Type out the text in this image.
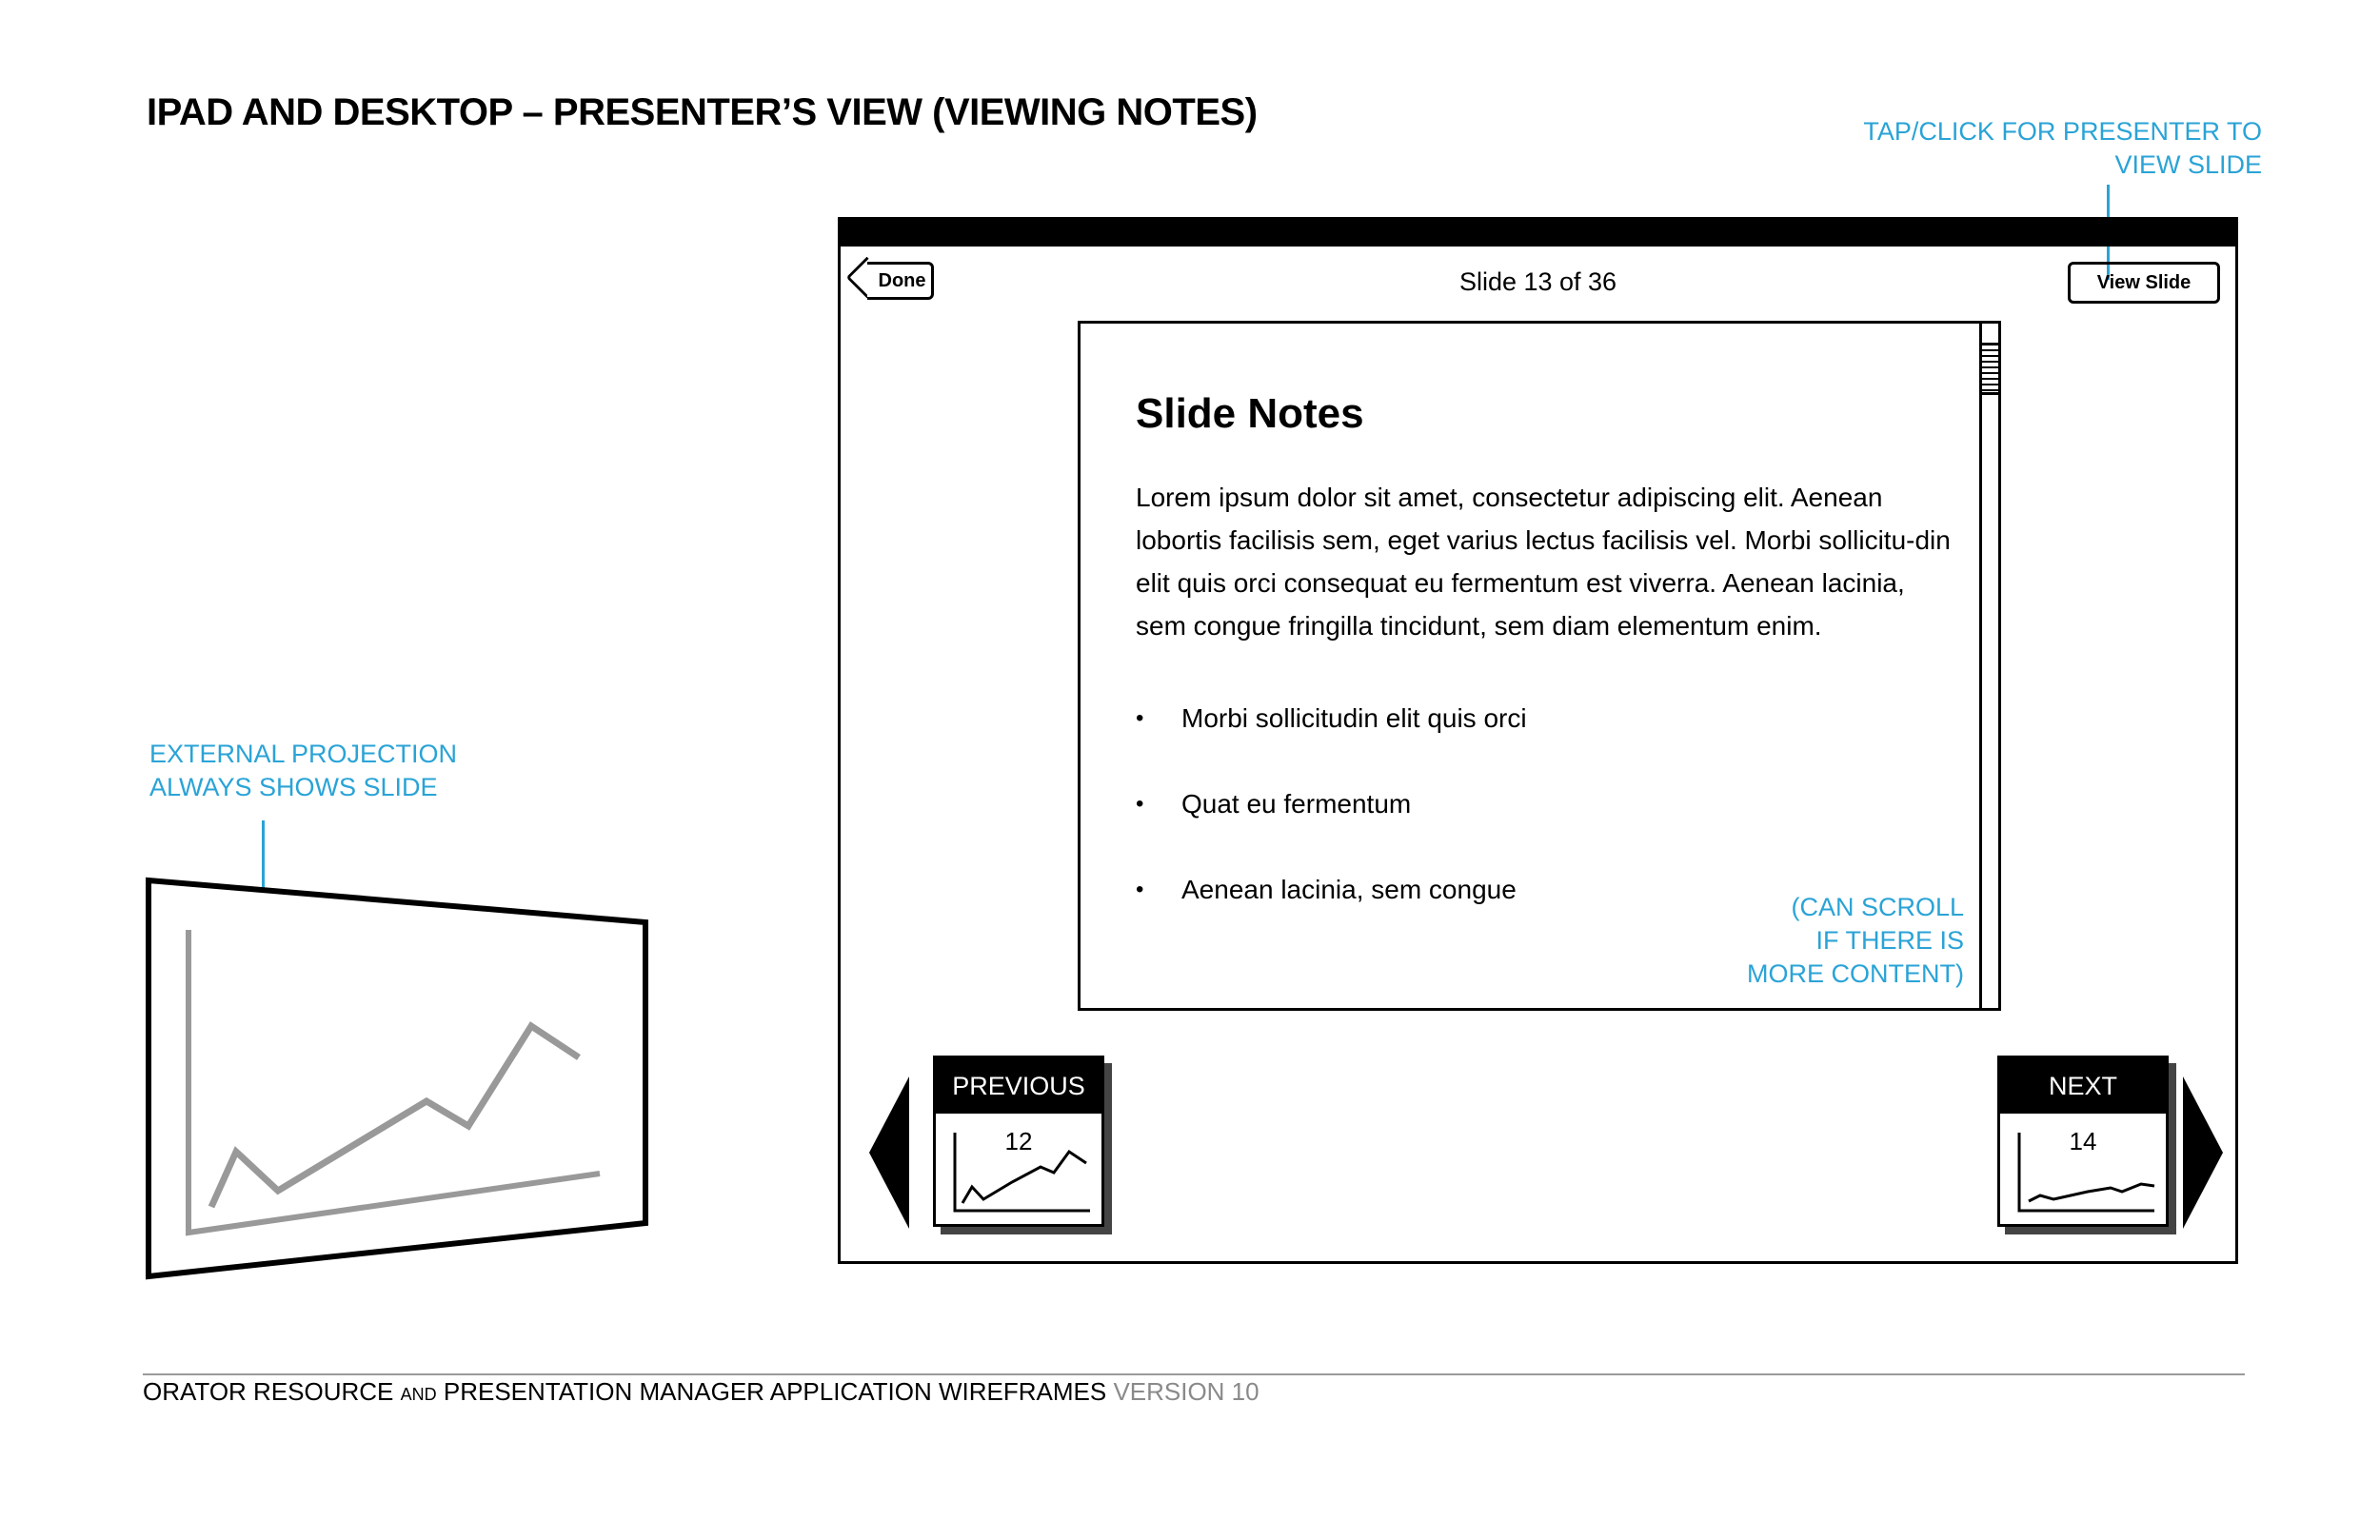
IPAD AND DESKTOP – PRESENTER’S VIEW (VIEWING NOTES)	TAP/CLICK FOR PRESENTER TO
VIEW SLIDE
EXTERNAL PROJECTION
ALWAYS SHOWS SLIDE
Done	Slide 13 of 36	View Slide
Slide Notes
Lorem ipsum dolor sit amet, consectetur adipiscing elit. Aenean lobortis facilisis sem, eget varius lectus facilisis vel. Morbi sollicitu-din elit quis orci consequat eu fermentum est viverra. Aenean lacinia, sem congue fringilla tincidunt, sem diam elementum enim.
• Morbi sollicitudin elit quis orci
• Quat eu fermentum
• Aenean lacinia, sem congue
(CAN SCROLL
IF THERE IS
MORE CONTENT)
PREVIOUS
12
NEXT
14
ORATOR RESOURCE AND PRESENTATION MANAGER APPLICATION WIREFRAMES VERSION 10
